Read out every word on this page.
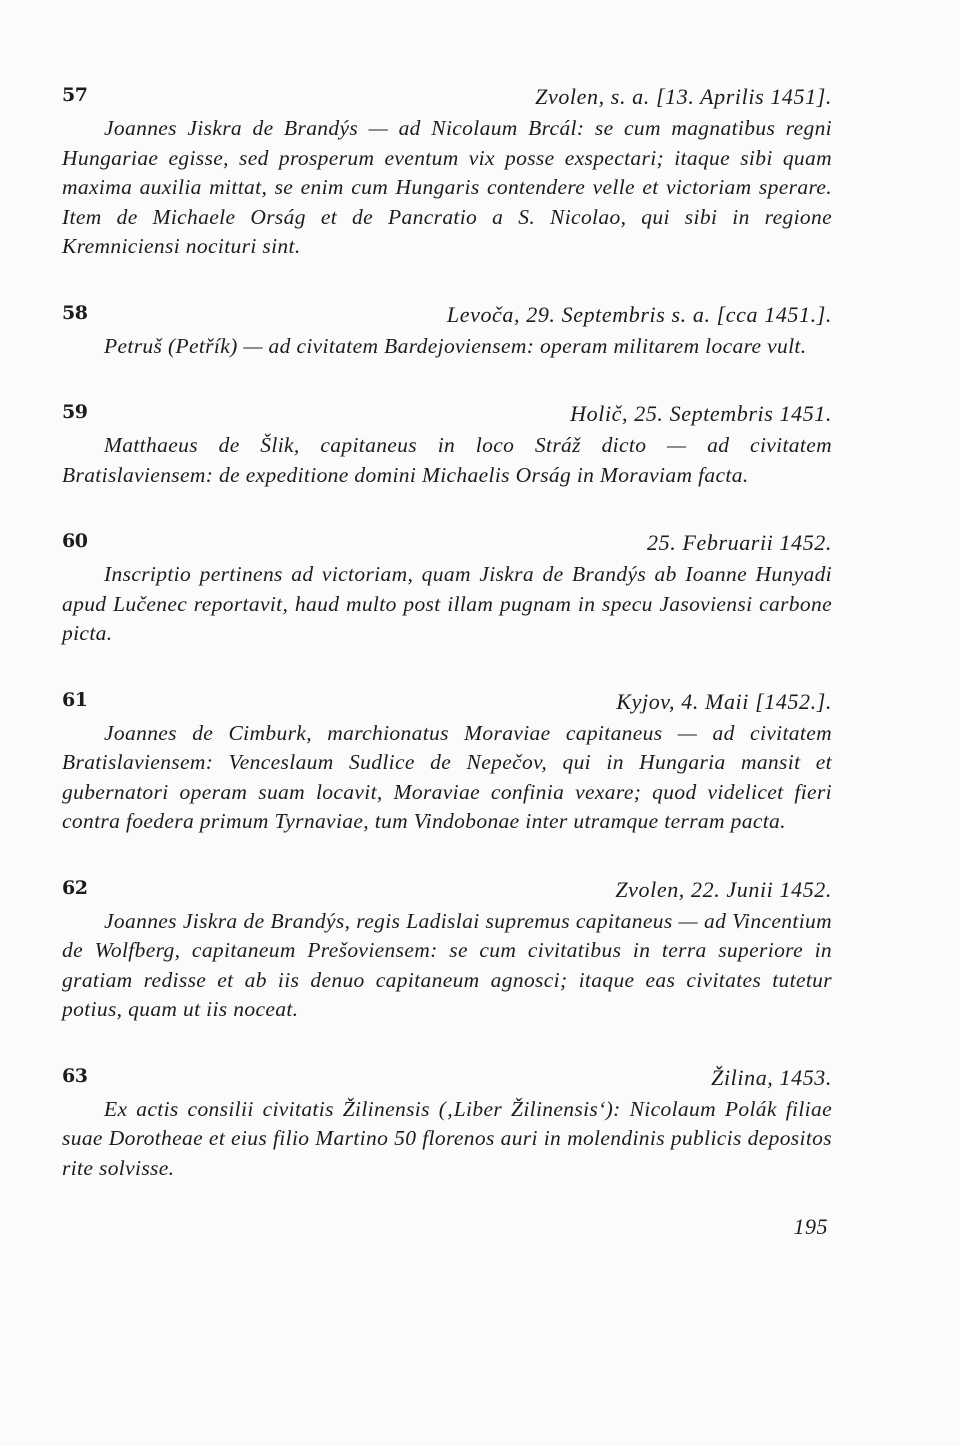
57	Zvolen, s. a. [13. Aprilis 1451].

Joannes Jiskra de Brandýs — ad Nicolaum Brcál: se cum magnatibus regni Hungariae egisse, sed prosperum eventum vix posse exspectari; itaque sibi quam maxima auxilia mittat, se enim cum Hungaris contendere velle et victoriam sperare. Item de Michaele Orság et de Pancratio a S. Nicolao, qui sibi in regione Kremniciensi nocituri sint.

58	Levoča, 29. Septembris s. a. [cca 1451.].

Petruš (Petřík) — ad civitatem Bardejoviensem: operam militarem locare vult.

59	Holič, 25. Septembris 1451.

Matthaeus de Šlik, capitaneus in loco Stráž dicto — ad civitatem Bratislaviensem: de expeditione domini Michaelis Orság in Moraviam facta.

60	25. Februarii 1452.

Inscriptio pertinens ad victoriam, quam Jiskra de Brandýs ab Ioanne Hunyadi apud Lučenec reportavit, haud multo post illam pugnam in specu Jasoviensi carbone picta.

61	Kyjov, 4. Maii [1452.].

Joannes de Cimburk, marchionatus Moraviae capitaneus — ad civitatem Bratislaviensem: Venceslaum Sudlice de Nepečov, qui in Hungaria mansit et gubernatori operam suam locavit, Moraviae confinia vexare; quod videlicet fieri contra foedera primum Tyrnaviae, tum Vindobonae inter utramque terram pacta.

62	Zvolen, 22. Junii 1452.

Joannes Jiskra de Brandýs, regis Ladislai supremus capitaneus — ad Vincentium de Wolfberg, capitaneum Prešoviensem: se cum civitatibus in terra superiore in gratiam redisse et ab iis denuo capitaneum agnosci; itaque eas civitates tutetur potius, quam ut iis noceat.

63	Žilina, 1453.

Ex actis consilii civitatis Žilinensis (‚Liber Žilinensis‘): Nicolaum Polák filiae suae Dorotheae et eius filio Martino 50 florenos auri in molendinis publicis depositos rite solvisse.

195
